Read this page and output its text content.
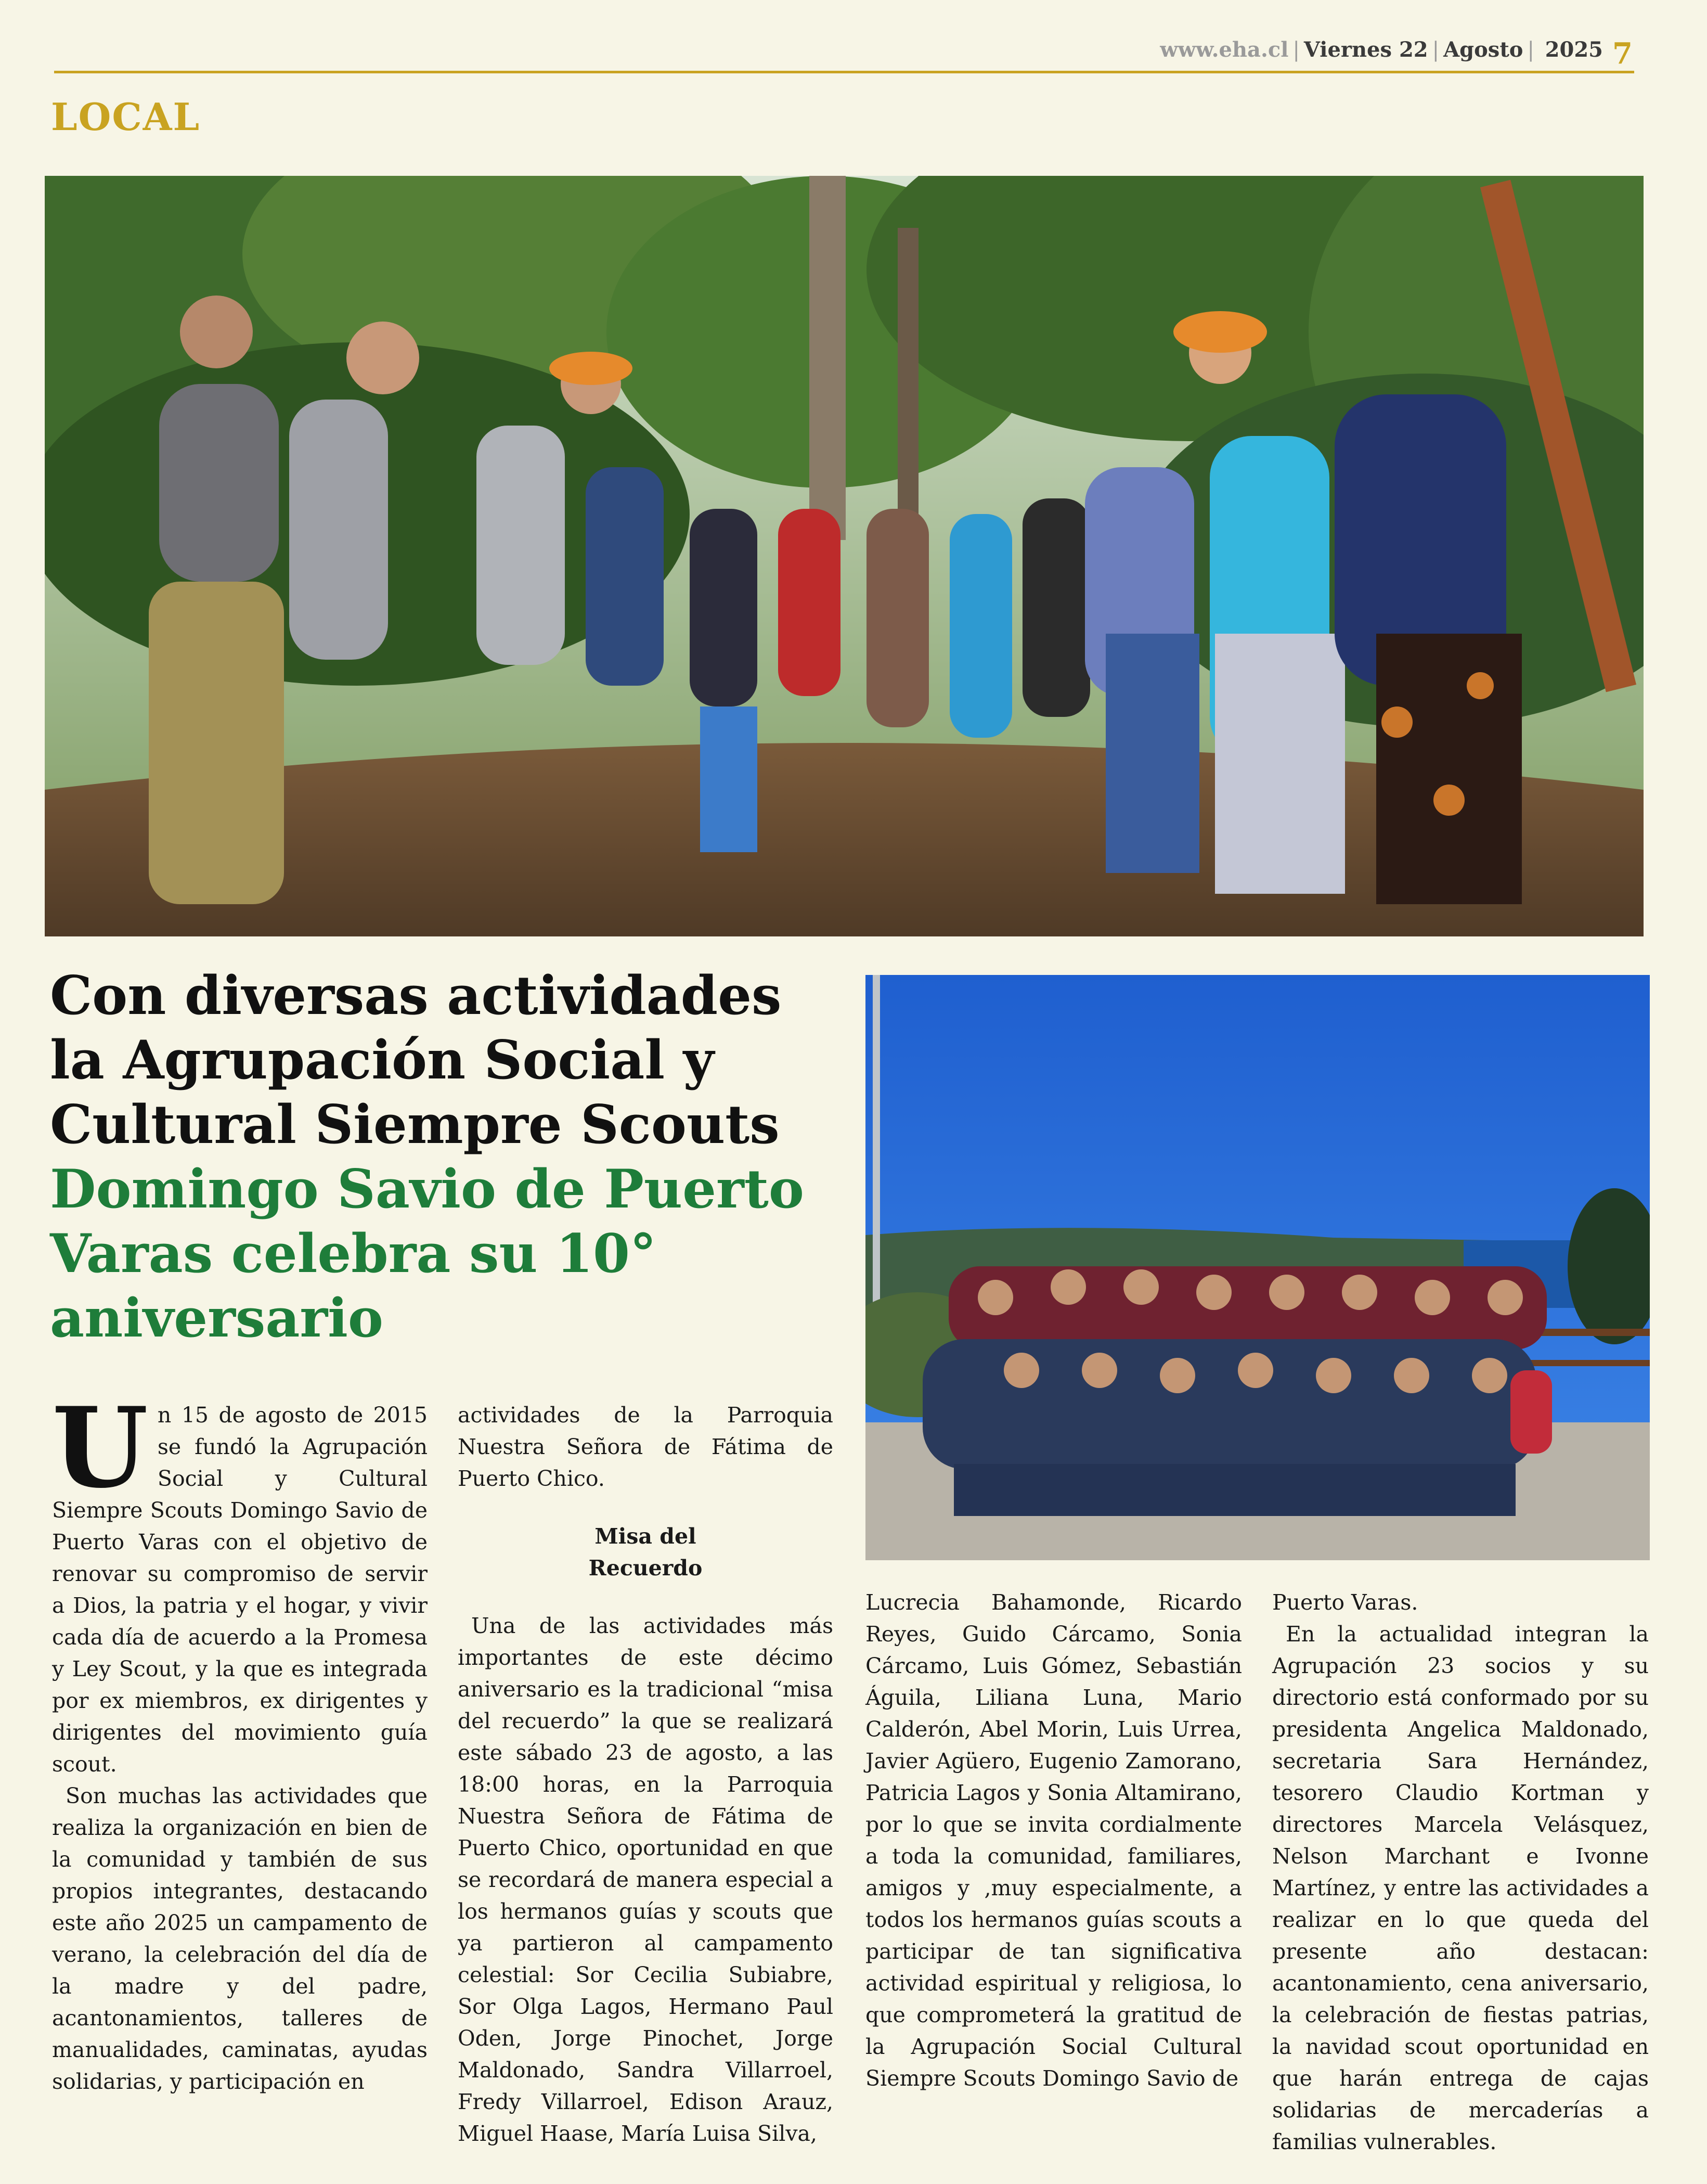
www.eha.cl | Viernes 22 | Agosto | 2025 7
LOCAL
Con diversas actividades la Agrupación Social y Cultural Siempre Scouts
Domingo Savio de Puerto Varas celebra su 10° aniversario

Un 15 de agosto de 2015 se fundó la Agrupación Social y Cultural Siempre Scouts Domingo Savio de Puerto Varas con el objetivo de renovar su compromiso de servir a Dios, la patria y el hogar, y vivir cada día de acuerdo a la Promesa y Ley Scout, y la que es integrada por ex miembros, ex dirigentes y dirigentes del movimiento guía scout.

Son muchas las actividades que realiza la organización en bien de la comunidad y también de sus propios integrantes, destacando este año 2025 un campamento de verano, la celebración del día de la madre y del padre, acantonamientos, talleres de manualidades, caminatas, ayudas solidarias, y participación en

actividades de la Parroquia Nuestra Señora de Fátima de Puerto Chico.

Misa del
Recuerdo

Una de las actividades más importantes de este décimo aniversario es la tradicional “misa del recuerdo” la que se realizará este sábado 23 de agosto, a las 18:00 horas, en la Parroquia Nuestra Señora de Fátima de Puerto Chico, oportunidad en que se recordará de manera especial a los hermanos guías y scouts que ya partieron al campamento celestial: Sor Cecilia Subiabre, Sor Olga Lagos, Hermano Paul Oden, Jorge Pinochet, Jorge Maldonado, Sandra Villarroel, Fredy Villarroel, Edison Arauz, Miguel Haase, María Luisa Silva,

Lucrecia Bahamonde, Ricardo Reyes, Guido Cárcamo, Sonia Cárcamo, Luis Gómez, Sebastián Águila, Liliana Luna, Mario Calderón, Abel Morin, Luis Urrea, Javier Agüero, Eugenio Zamorano, Patricia Lagos y Sonia Altamirano, por lo que se invita cordialmente a toda la comunidad, familiares, amigos y ,muy especialmente, a todos los hermanos guías scouts a participar de tan significativa actividad espiritual y religiosa, lo que comprometerá la gratitud de la Agrupación Social Cultural Siempre Scouts Domingo Savio de

Puerto Varas.

En la actualidad integran la Agrupación 23 socios y su directorio está conformado por su presidenta Angelica Maldonado, secretaria Sara Hernández, tesorero Claudio Kortman y directores Marcela Velásquez, Nelson Marchant e Ivonne Martínez, y entre las actividades a realizar en lo que queda del presente año destacan: acantonamiento, cena aniversario, la celebración de fiestas patrias, la navidad scout oportunidad en que harán entrega de cajas solidarias de mercaderías a familias vulnerables.
